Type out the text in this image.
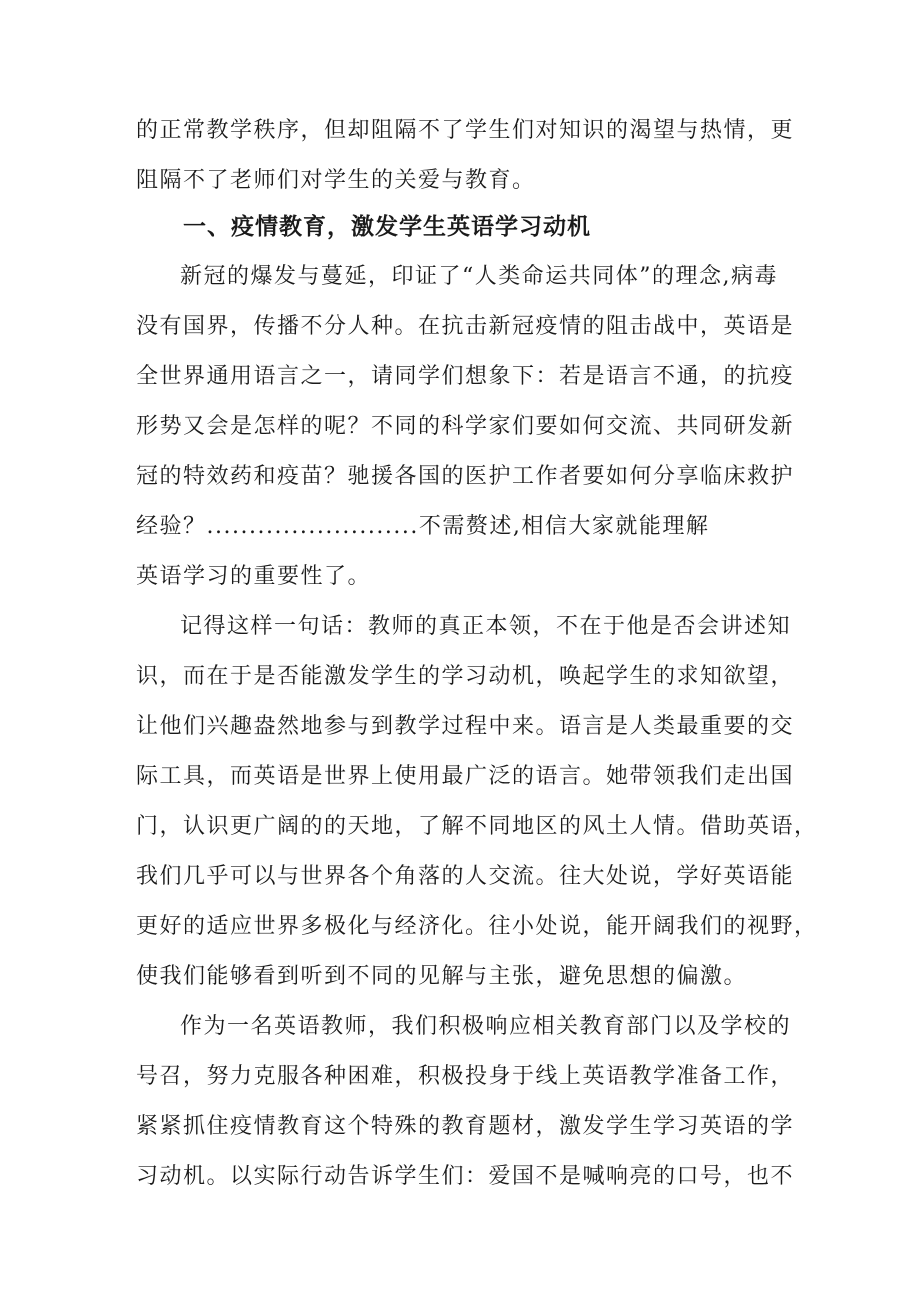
的正常教学秩序，但却阻隔不了学生们对知识的渴望与热情，更
阻隔不了老师们对学生的关爱与教育。
一、疫情教育，激发学生英语学习动机
新冠的爆发与蔓延，印证了“人类命运共同体”的理念,病毒
没有国界，传播不分人种。在抗击新冠疫情的阻击战中，英语是
全世界通用语言之一，请同学们想象下：若是语言不通，的抗疫
形势又会是怎样的呢？不同的科学家们要如何交流、共同研发新
冠的特效药和疫苗？驰援各国的医护工作者要如何分享临床救护
经验？.........................不需赘述,相信大家就能理解
英语学习的重要性了。
记得这样一句话：教师的真正本领，不在于他是否会讲述知
识，而在于是否能激发学生的学习动机，唤起学生的求知欲望，
让他们兴趣盎然地参与到教学过程中来。语言是人类最重要的交
际工具，而英语是世界上使用最广泛的语言。她带领我们走出国
门，认识更广阔的的天地，了解不同地区的风土人情。借助英语，
我们几乎可以与世界各个角落的人交流。往大处说，学好英语能
更好的适应世界多极化与经济化。往小处说，能开阔我们的视野，
使我们能够看到听到不同的见解与主张，避免思想的偏激。
作为一名英语教师，我们积极响应相关教育部门以及学校的
号召，努力克服各种困难，积极投身于线上英语教学准备工作，
紧紧抓住疫情教育这个特殊的教育题材，激发学生学习英语的学
习动机。以实际行动告诉学生们：爱国不是喊响亮的口号，也不
